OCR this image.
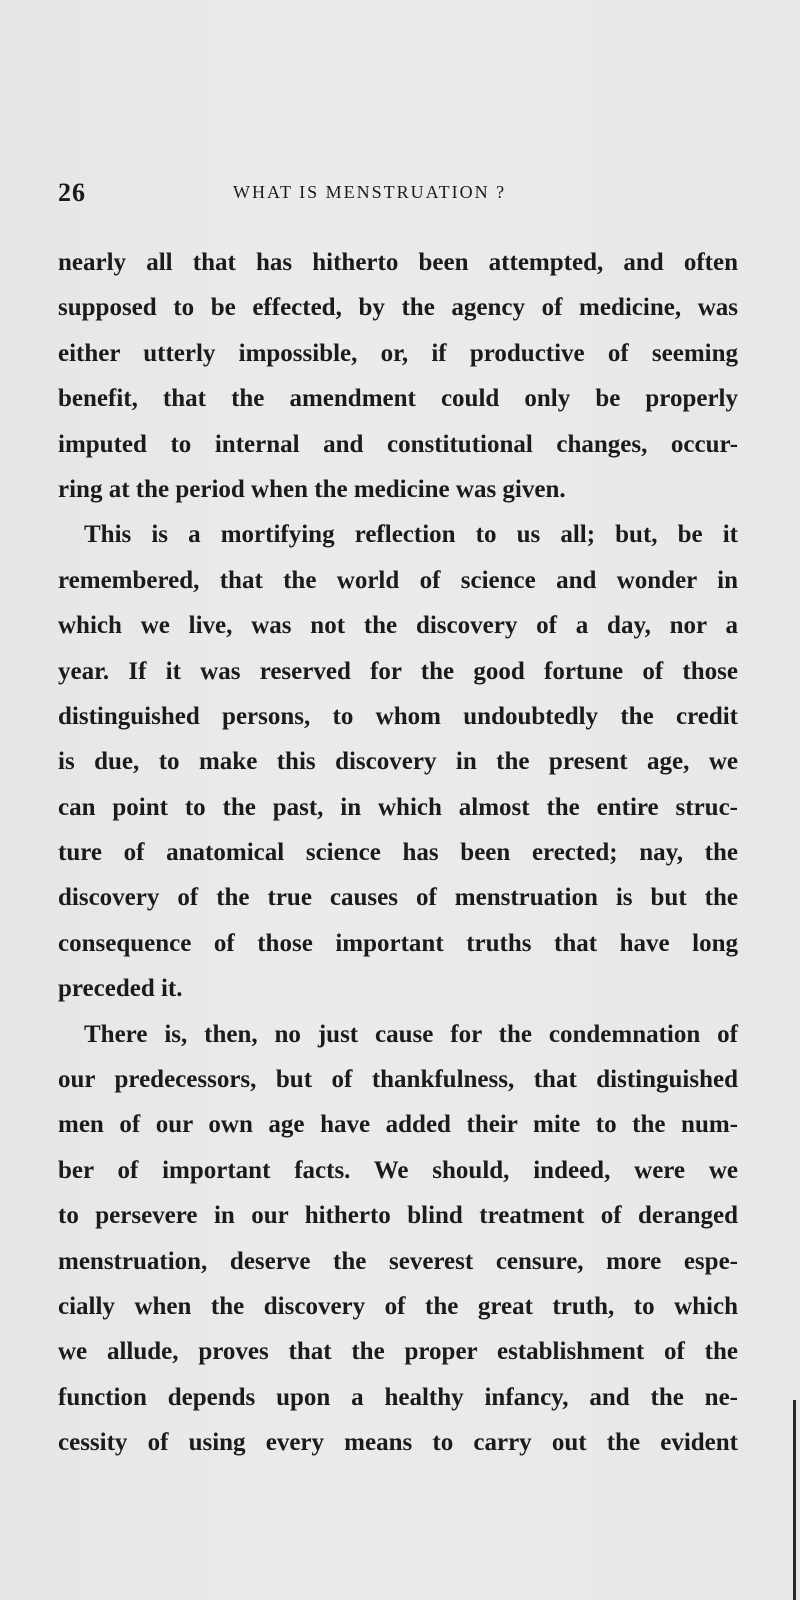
26	WHAT IS MENSTRUATION ?
nearly all that has hitherto been attempted, and often
supposed to be effected, by the agency of medicine, was
either utterly impossible, or, if productive of seeming
benefit, that the amendment could only be properly
imputed to internal and constitutional changes, occur-
ring at the period when the medicine was given.
This is a mortifying reflection to us all; but, be it
remembered, that the world of science and wonder in
which we live, was not the discovery of a day, nor a
year. If it was reserved for the good fortune of those
distinguished persons, to whom undoubtedly the credit
is due, to make this discovery in the present age, we
can point to the past, in which almost the entire struc-
ture of anatomical science has been erected; nay, the
discovery of the true causes of menstruation is but the
consequence of those important truths that have long
preceded it.
There is, then, no just cause for the condemnation of
our predecessors, but of thankfulness, that distinguished
men of our own age have added their mite to the num-
ber of important facts. We should, indeed, were we
to persevere in our hitherto blind treatment of deranged
menstruation, deserve the severest censure, more espe-
cially when the discovery of the great truth, to which
we allude, proves that the proper establishment of the
function depends upon a healthy infancy, and the ne-
cessity of using every means to carry out the evident
